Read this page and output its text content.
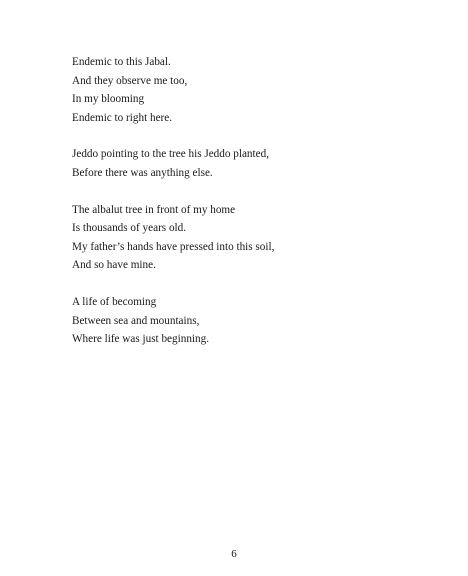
Endemic to this Jabal.
And they observe me too,
In my blooming
Endemic to right here.
Jeddo pointing to the tree his Jeddo planted,
Before there was anything else.
The albalut tree in front of my home
Is thousands of years old.
My father’s hands have pressed into this soil,
And so have mine.
A life of becoming
Between sea and mountains,
Where life was just beginning.
6
